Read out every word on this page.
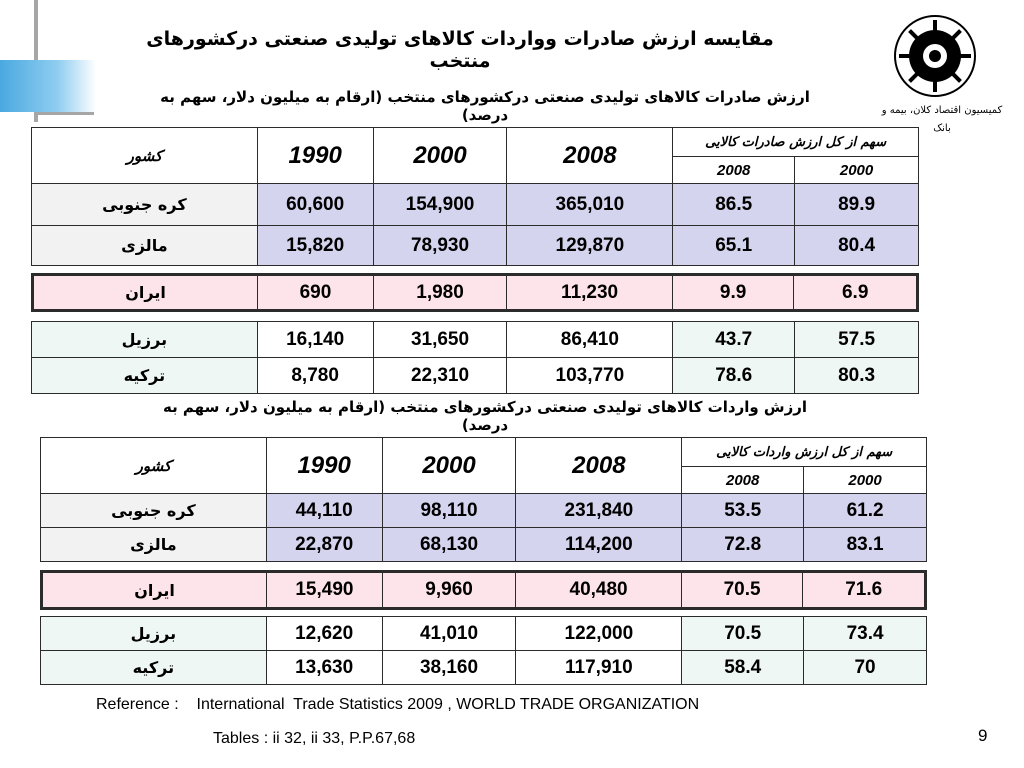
مقایسه ارزش صادرات وواردات کالاهای تولیدی صنعتی درکشورهای منتخب
کمیسیون اقتصاد کلان، بیمه و بانک
ارزش صادرات کالاهای تولیدی صنعتی درکشورهای منتخب (ارقام به میلیون دلار، سهم به درصد)
کشور	1990	2000	2008	سهم از کل ارزش صادرات کالایی	
				2008	2000
کره جنوبی	60,600	154,900	365,010	86.5	89.9
مالزی	15,820	78,930	129,870	65.1	80.4
ایران	690	1,980	11,230	9.9	6.9
برزیل	16,140	31,650	86,410	43.7	57.5
ترکیه	8,780	22,310	103,770	78.6	80.3
ارزش واردات کالاهای تولیدی صنعتی درکشورهای منتخب (ارقام به میلیون دلار، سهم به درصد)
کشور	1990	2000	2008	سهم از کل ارزش واردات کالایی	
				2008	2000
کره جنوبی	44,110	98,110	231,840	53.5	61.2
مالزی	22,870	68,130	114,200	72.8	83.1
ایران	15,490	9,960	40,480	70.5	71.6
برزیل	12,620	41,010	122,000	70.5	73.4
ترکیه	13,630	38,160	117,910	58.4	70
Reference : International  Trade Statistics 2009 , WORLD TRADE ORGANIZATION
Tables : ii 32, ii 33, P.P.67,68	9
